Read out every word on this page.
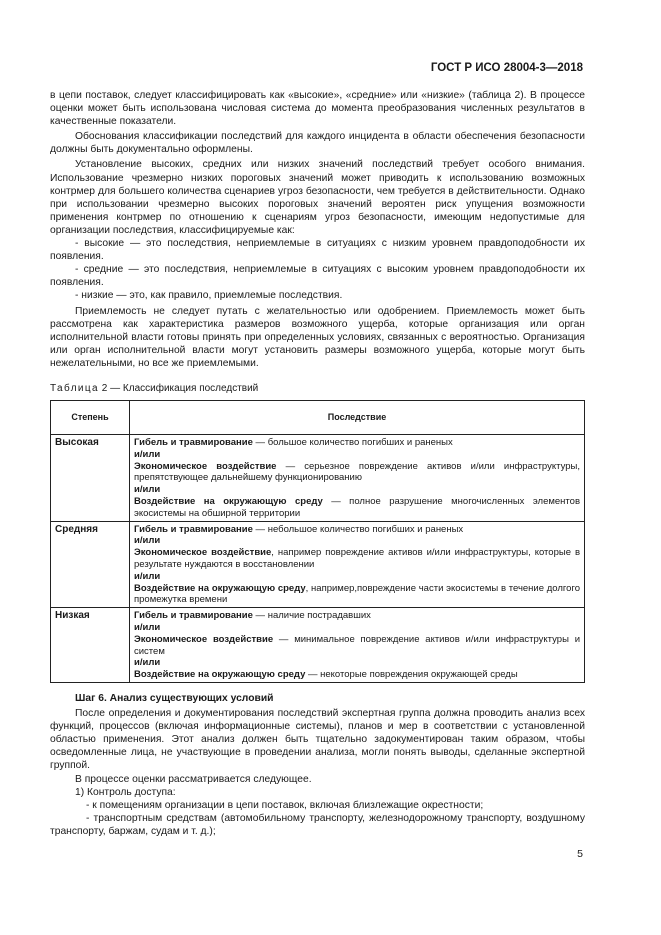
ГОСТ Р ИСО 28004-3—2018

в цепи поставок, следует классифицировать как «высокие», «средние» или «низкие» (таблица 2). В процессе оценки может быть использована числовая система до момента преобразования численных результатов в качественные показатели.

Обоснования классификации последствий для каждого инцидента в области обеспечения безопасности должны быть документально оформлены.

Установление высоких, средних или низких значений последствий требует особого внимания. Использование чрезмерно низких пороговых значений может приводить к использованию возможных контрмер для большего количества сценариев угроз безопасности, чем требуется в действительности. Однако при использовании чрезмерно высоких пороговых значений вероятен риск упущения возможности применения контрмер по отношению к сценариям угроз безопасности, имеющим недопустимые для организации последствия, классифицируемые как:

- высокие — это последствия, неприемлемые в ситуациях с низким уровнем правдоподобности их появления.

- средние — это последствия, неприемлемые в ситуациях с высоким уровнем правдоподобности их появления.

- низкие — это, как правило, приемлемые последствия.

Приемлемость не следует путать с желательностью или одобрением. Приемлемость может быть рассмотрена как характеристика размеров возможного ущерба, которые организация или орган исполнительной власти готовы принять при определенных условиях, связанных с вероятностью. Организация или орган исполнительной власти могут установить размеры возможного ущерба, которые могут быть нежелательными, но все же приемлемыми.

Таблица 2 — Классификация последствий
Степень	Последствие
Высокая	Гибель и травмирование — большое количество погибших и раненых
и/или
Экономическое воздействие — серьезное повреждение активов и/или инфраструктуры, препятствующее дальнейшему функционированию
и/или
Воздействие на окружающую среду — полное разрушение многочисленных элементов экосистемы на обширной территории

Средняя	Гибель и травмирование — небольшое количество погибших и раненых
и/или
Экономическое воздействие, например повреждение активов и/или инфраструктуры, которые в результате нуждаются в восстановлении
и/или
Воздействие на окружающую среду, например,повреждение части экосистемы в течение долгого промежутка времени

Низкая	Гибель и травмирование — наличие пострадавших
и/или
Экономическое воздействие — минимальное повреждение активов и/или инфраструктуры и систем
и/или
Воздействие на окружающую среду — некоторые повреждения окружающей среды

Шаг 6. Анализ существующих условий

После определения и документирования последствий экспертная группа должна проводить анализ всех функций, процессов (включая информационные системы), планов и мер в соответствии с установленной областью применения. Этот анализ должен быть тщательно задокументирован таким образом, чтобы осведомленные лица, не участвующие в проведении анализа, могли понять выводы, сделанные экспертной группой.

В процессе оценки рассматривается следующее.

1) Контроль доступа:

- к помещениям организации в цепи поставок, включая близлежащие окрестности;

- транспортным средствам (автомобильному транспорту, железнодорожному транспорту, воздушному транспорту, баржам, судам и т. д.);

5
